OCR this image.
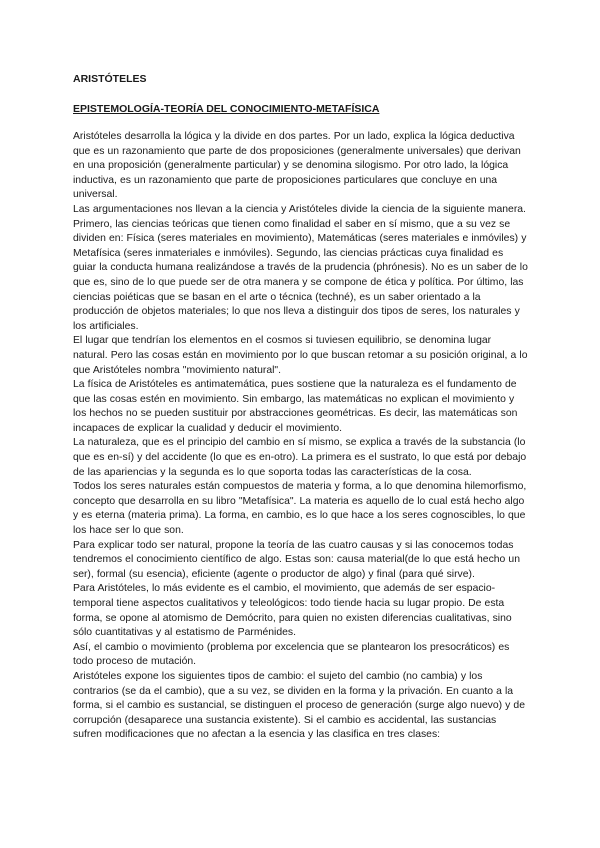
ARISTÓTELES
EPISTEMOLOGÍA-TEORÍA DEL CONOCIMIENTO-METAFÍSICA

Aristóteles desarrolla la lógica y la divide en dos partes. Por un lado, explica la lógica deductiva que es un razonamiento que parte de dos proposiciones (generalmente universales) que derivan en una proposición (generalmente particular) y se denomina silogismo. Por otro lado, la lógica inductiva, es un razonamiento que parte de proposiciones particulares que concluye en una universal.

Las argumentaciones nos llevan a la ciencia y Aristóteles divide la ciencia de la siguiente manera. Primero, las ciencias teóricas que tienen como finalidad el saber en sí mismo, que a su vez se dividen en: Física (seres materiales en movimiento), Matemáticas (seres materiales e inmóviles) y Metafísica (seres inmateriales e inmóviles). Segundo, las ciencias prácticas cuya finalidad es guiar la conducta humana realizándose a través de la prudencia (phrónesis). No es un saber de lo que es, sino de lo que puede ser de otra manera y se compone de ética y política. Por último, las ciencias poiéticas que se basan en el arte o técnica (techné), es un saber orientado a la producción de objetos materiales; lo que nos lleva a distinguir dos tipos de seres, los naturales y los artificiales.

El lugar que tendrían los elementos en el cosmos si tuviesen equilibrio, se denomina lugar natural. Pero las cosas están en movimiento por lo que buscan retomar a su posición original, a lo que Aristóteles nombra "movimiento natural".

La física de Aristóteles es antimatemática, pues sostiene que la naturaleza es el fundamento de que las cosas estén en movimiento. Sin embargo, las matemáticas no explican el movimiento y los hechos no se pueden sustituir por abstracciones geométricas. Es decir, las matemáticas son incapaces de explicar la cualidad y deducir el movimiento.

La naturaleza, que es el principio del cambio en sí mismo, se explica a través de la substancia (lo que es en-sí) y del accidente (lo que es en-otro). La primera es el sustrato, lo que está por debajo de las apariencias y la segunda es lo que soporta todas las características de la cosa.

Todos los seres naturales están compuestos de materia y forma, a lo que denomina hilemorfismo, concepto que desarrolla en su libro "Metafísica". La materia es aquello de lo cual está hecho algo y es eterna (materia prima). La forma, en cambio, es lo que hace a los seres cognoscibles, lo que los hace ser lo que son.

Para explicar todo ser natural, propone la teoría de las cuatro causas y si las conocemos todas tendremos el conocimiento científico de algo. Estas son: causa material(de lo que está hecho un ser), formal (su esencia), eficiente (agente o productor de algo) y final (para qué sirve).

Para Aristóteles, lo más evidente es el cambio, el movimiento, que además de ser espacio-temporal tiene aspectos cualitativos y teleológicos: todo tiende hacia su lugar propio. De esta forma, se opone al atomismo de Demócrito, para quien no existen diferencias cualitativas, sino sólo cuantitativas y al estatismo de Parménides.

Así, el cambio o movimiento (problema por excelencia que se plantearon los presocráticos) es todo proceso de mutación.

Aristóteles expone los siguientes tipos de cambio: el sujeto del cambio (no cambia) y los contrarios (se da el cambio), que a su vez, se dividen en la forma y la privación. En cuanto a la forma, si el cambio es sustancial, se distinguen el proceso de generación (surge algo nuevo) y de corrupción (desaparece una sustancia existente). Si el cambio es accidental, las sustancias sufren modificaciones que no afectan a la esencia y las clasifica en tres clases:
